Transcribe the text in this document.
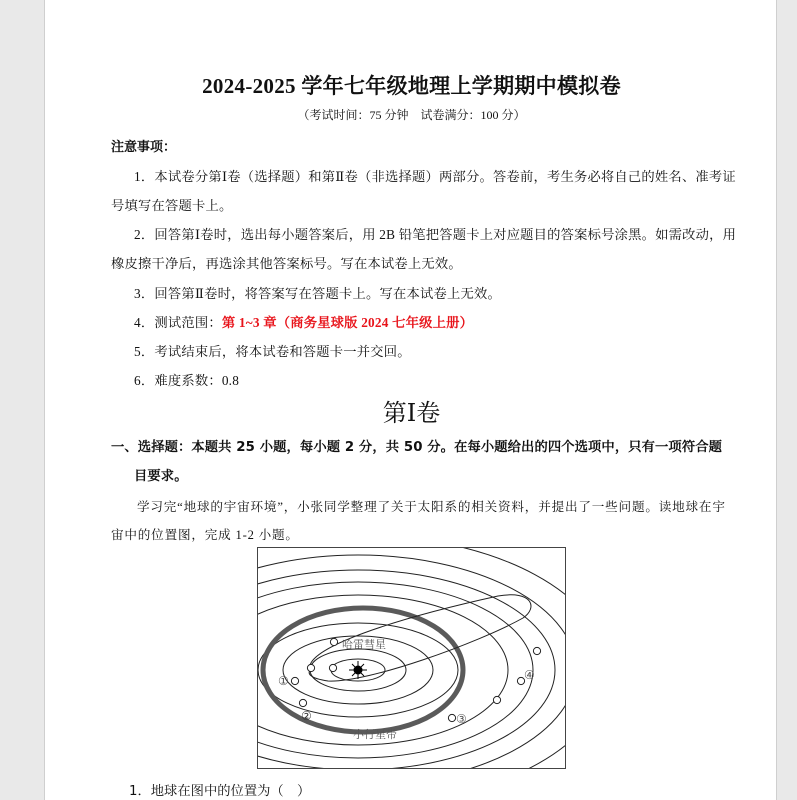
2024-2025 学年七年级地理上学期期中模拟卷
（考试时间：75 分钟　试卷满分：100 分）
注意事项：
1．本试卷分第Ⅰ卷（选择题）和第Ⅱ卷（非选择题）两部分。答卷前，考生务必将自己的姓名、准考证
号填写在答题卡上。
2．回答第Ⅰ卷时，选出每小题答案后，用 2B 铅笔把答题卡上对应题目的答案标号涂黑。如需改动，用
橡皮擦干净后，再选涂其他答案标号。写在本试卷上无效。
3．回答第Ⅱ卷时，将答案写在答题卡上。写在本试卷上无效。
4．测试范围：第 1~3 章（商务星球版 2024 七年级上册）
5．考试结束后，将本试卷和答题卡一并交回。
6．难度系数：0.8
第Ⅰ卷
一、选择题：本题共 25 小题，每小题 2 分，共 50 分。在每小题给出的四个选项中，只有一项符合题
目要求。
学习完“地球的宇宙环境”，小张同学整理了关于太阳系的相关资料，并提出了一些问题。读地球在宇
宙中的位置图，完成 1-2 小题。
哈雷彗星
小行星带
①
②	③
④
1．地球在图中的位置为（　）
